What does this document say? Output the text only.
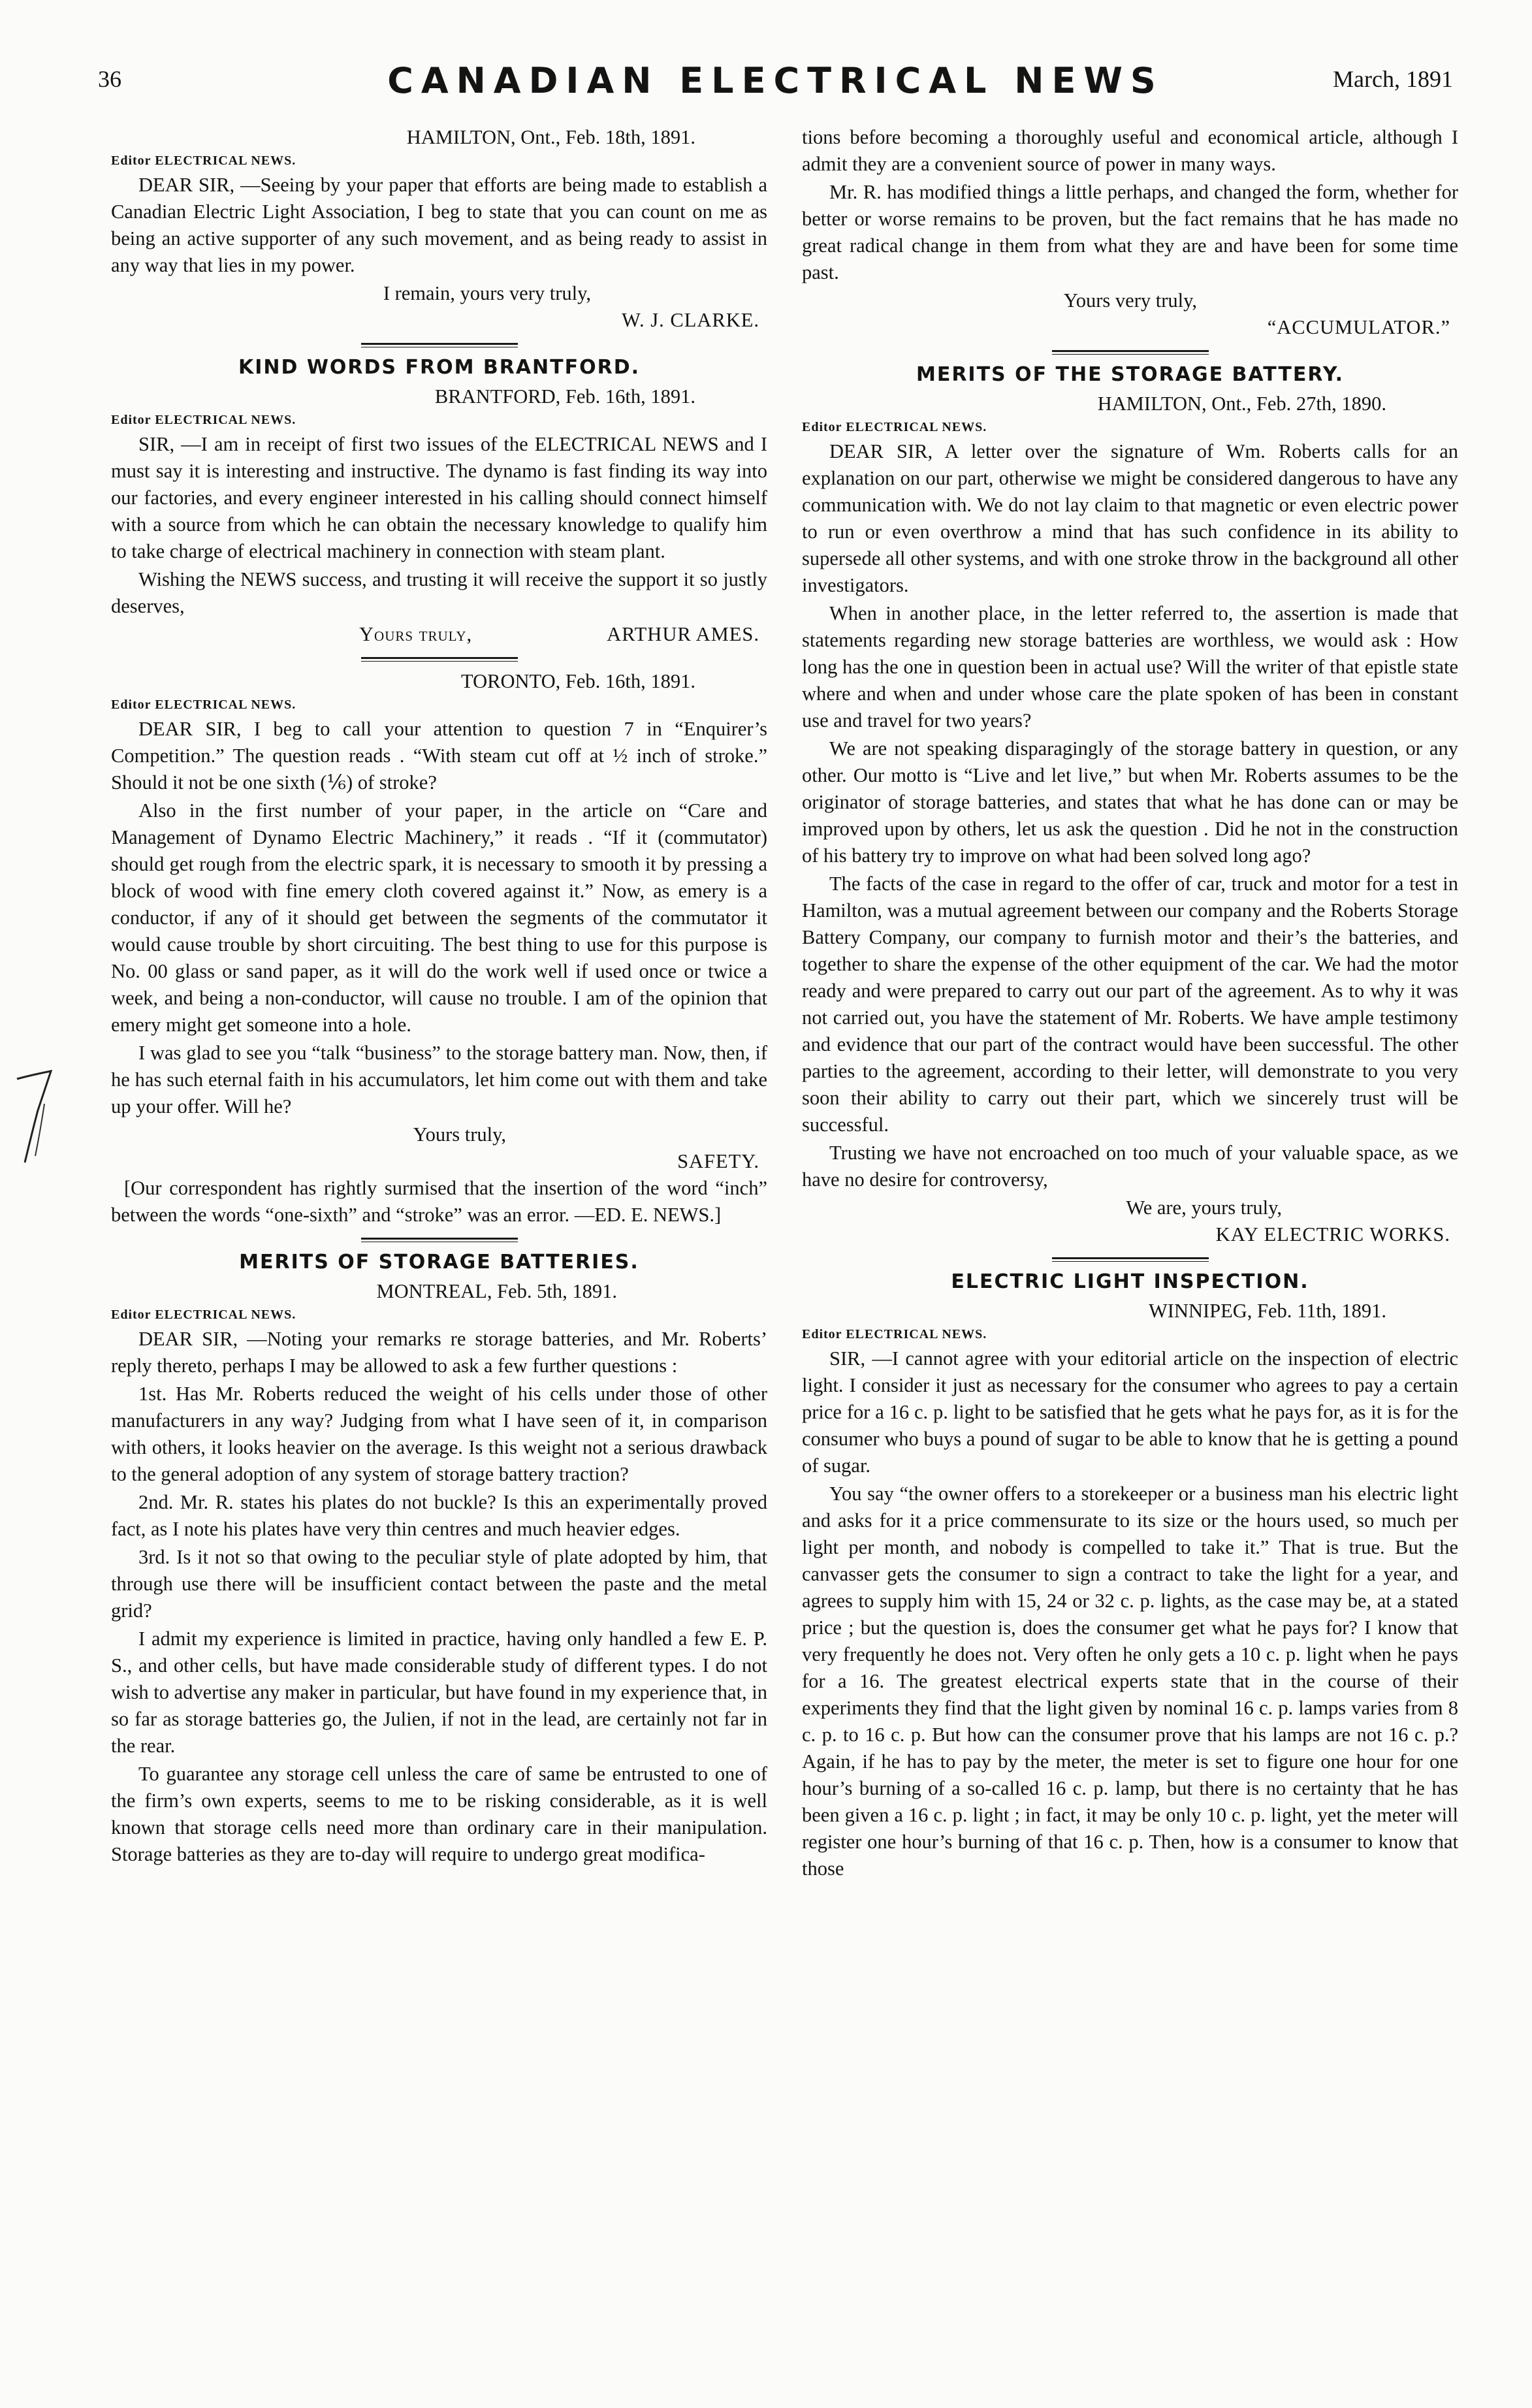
36	CANADIAN ELECTRICAL NEWS	March, 1891
HAMILTON, Ont., Feb. 18th, 1891.
Editor ELECTRICAL NEWS.
DEAR SIR, —Seeing by your paper that efforts are being made to establish a Canadian Electric Light Association, I beg to state that you can count on me as being an active supporter of any such movement, and as being ready to assist in any way that lies in my power.
I remain, yours very truly,
W. J. CLARKE.
KIND WORDS FROM BRANTFORD.
BRANTFORD, Feb. 16th, 1891.
Editor ELECTRICAL NEWS.
SIR, —I am in receipt of first two issues of the ELECTRICAL NEWS and I must say it is interesting and instructive. The dynamo is fast finding its way into our factories, and every engineer interested in his calling should connect himself with a source from which he can obtain the necessary knowledge to qualify him to take charge of electrical machinery in connection with steam plant.
Wishing the NEWS success, and trusting it will receive the support it so justly deserves,
Yours truly,	ARTHUR AMES.
TORONTO, Feb. 16th, 1891.
Editor ELECTRICAL NEWS.
DEAR SIR, I beg to call your attention to question 7 in “Enquirer’s Competition.” The question reads . “With steam cut off at ½ inch of stroke.” Should it not be one sixth (⅙) of stroke?
Also in the first number of your paper, in the article on “Care and Management of Dynamo Electric Machinery,” it reads . “If it (commutator) should get rough from the electric spark, it is necessary to smooth it by pressing a block of wood with fine emery cloth covered against it.” Now, as emery is a conductor, if any of it should get between the segments of the commutator it would cause trouble by short circuiting. The best thing to use for this purpose is No. 00 glass or sand paper, as it will do the work well if used once or twice a week, and being a non-conductor, will cause no trouble. I am of the opinion that emery might get someone into a hole.
I was glad to see you “talk “business” to the storage battery man. Now, then, if he has such eternal faith in his accumulators, let him come out with them and take up your offer. Will he?
Yours truly,
SAFETY.
[Our correspondent has rightly surmised that the insertion of the word “inch” between the words “one-sixth” and “stroke” was an error. —ED. E. NEWS.]
MERITS OF STORAGE BATTERIES.
MONTREAL, Feb. 5th, 1891.
Editor ELECTRICAL NEWS.
DEAR SIR, —Noting your remarks re storage batteries, and Mr. Roberts’ reply thereto, perhaps I may be allowed to ask a few further questions :
1st. Has Mr. Roberts reduced the weight of his cells under those of other manufacturers in any way? Judging from what I have seen of it, in comparison with others, it looks heavier on the average. Is this weight not a serious drawback to the general adoption of any system of storage battery traction?
2nd. Mr. R. states his plates do not buckle? Is this an experimentally proved fact, as I note his plates have very thin centres and much heavier edges.
3rd. Is it not so that owing to the peculiar style of plate adopted by him, that through use there will be insufficient contact between the paste and the metal grid?
I admit my experience is limited in practice, having only handled a few E. P. S., and other cells, but have made considerable study of different types. I do not wish to advertise any maker in particular, but have found in my experience that, in so far as storage batteries go, the Julien, if not in the lead, are certainly not far in the rear.
To guarantee any storage cell unless the care of same be entrusted to one of the firm’s own experts, seems to me to be risking considerable, as it is well known that storage cells need more than ordinary care in their manipulation. Storage batteries as they are to-day will require to undergo great modifica-
tions before becoming a thoroughly useful and economical article, although I admit they are a convenient source of power in many ways.
Mr. R. has modified things a little perhaps, and changed the form, whether for better or worse remains to be proven, but the fact remains that he has made no great radical change in them from what they are and have been for some time past.
Yours very truly,
“ACCUMULATOR.”
MERITS OF THE STORAGE BATTERY.
HAMILTON, Ont., Feb. 27th, 1890.
Editor ELECTRICAL NEWS.
DEAR SIR, A letter over the signature of Wm. Roberts calls for an explanation on our part, otherwise we might be considered dangerous to have any communication with. We do not lay claim to that magnetic or even electric power to run or even overthrow a mind that has such confidence in its ability to supersede all other systems, and with one stroke throw in the background all other investigators.
When in another place, in the letter referred to, the assertion is made that statements regarding new storage batteries are worthless, we would ask : How long has the one in question been in actual use? Will the writer of that epistle state where and when and under whose care the plate spoken of has been in constant use and travel for two years?
We are not speaking disparagingly of the storage battery in question, or any other. Our motto is “Live and let live,” but when Mr. Roberts assumes to be the originator of storage batteries, and states that what he has done can or may be improved upon by others, let us ask the question . Did he not in the construction of his battery try to improve on what had been solved long ago?
The facts of the case in regard to the offer of car, truck and motor for a test in Hamilton, was a mutual agreement between our company and the Roberts Storage Battery Company, our company to furnish motor and their’s the batteries, and together to share the expense of the other equipment of the car. We had the motor ready and were prepared to carry out our part of the agreement. As to why it was not carried out, you have the statement of Mr. Roberts. We have ample testimony and evidence that our part of the contract would have been successful. The other parties to the agreement, according to their letter, will demonstrate to you very soon their ability to carry out their part, which we sincerely trust will be successful.
Trusting we have not encroached on too much of your valuable space, as we have no desire for controversy,
We are, yours truly,
KAY ELECTRIC WORKS.
ELECTRIC LIGHT INSPECTION.
WINNIPEG, Feb. 11th, 1891.
Editor ELECTRICAL NEWS.
SIR, —I cannot agree with your editorial article on the inspection of electric light. I consider it just as necessary for the consumer who agrees to pay a certain price for a 16 c. p. light to be satisfied that he gets what he pays for, as it is for the consumer who buys a pound of sugar to be able to know that he is getting a pound of sugar.
You say “the owner offers to a storekeeper or a business man his electric light and asks for it a price commensurate to its size or the hours used, so much per light per month, and nobody is compelled to take it.” That is true. But the canvasser gets the consumer to sign a contract to take the light for a year, and agrees to supply him with 15, 24 or 32 c. p. lights, as the case may be, at a stated price ; but the question is, does the consumer get what he pays for? I know that very frequently he does not. Very often he only gets a 10 c. p. light when he pays for a 16. The greatest electrical experts state that in the course of their experiments they find that the light given by nominal 16 c. p. lamps varies from 8 c. p. to 16 c. p. But how can the consumer prove that his lamps are not 16 c. p.? Again, if he has to pay by the meter, the meter is set to figure one hour for one hour’s burning of a so-called 16 c. p. lamp, but there is no certainty that he has been given a 16 c. p. light ; in fact, it may be only 10 c. p. light, yet the meter will register one hour’s burning of that 16 c. p. Then, how is a consumer to know that those
